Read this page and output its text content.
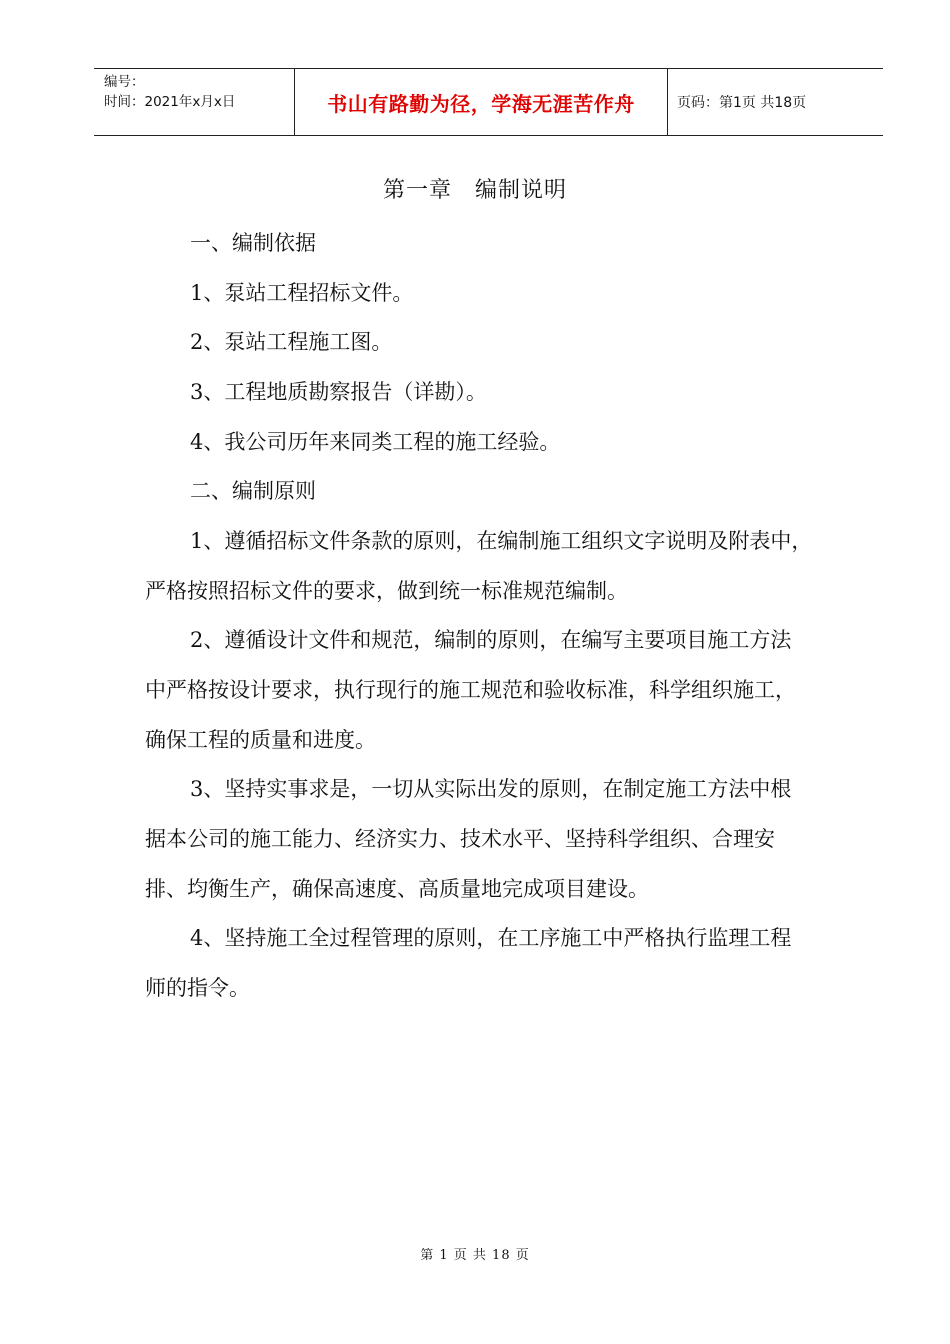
编号：
时间：2021年x月x日	书山有路勤为径，学海无涯苦作舟	页码：第1页 共18页
第一章　编制说明
一、编制依据
1、泵站工程招标文件。
2、泵站工程施工图。
3、工程地质勘察报告（详勘）。
4、我公司历年来同类工程的施工经验。
二、编制原则
1、遵循招标文件条款的原则，在编制施工组织文字说明及附表中，
严格按照招标文件的要求，做到统一标准规范编制。
2、遵循设计文件和规范，编制的原则，在编写主要项目施工方法
中严格按设计要求，执行现行的施工规范和验收标准，科学组织施工，
确保工程的质量和进度。
3、坚持实事求是，一切从实际出发的原则，在制定施工方法中根
据本公司的施工能力、经济实力、技术水平、坚持科学组织、合理安
排、均衡生产，确保高速度、高质量地完成项目建设。
4、坚持施工全过程管理的原则，在工序施工中严格执行监理工程
师的指令。
第 1 页 共 18 页
